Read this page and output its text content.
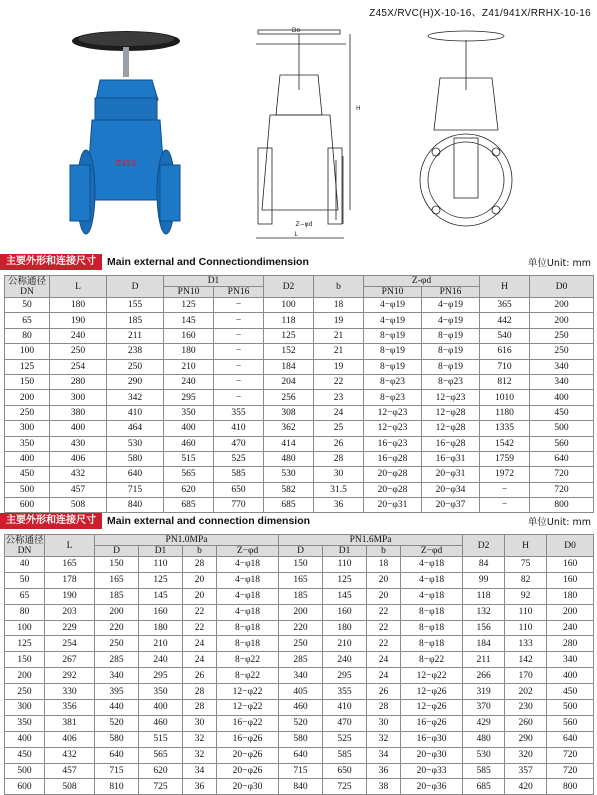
Z45X/RVC(H)X-10-16、Z41/941X/RRHX-10-16
Z45X
Do
L
Z−φd
H
主要外形和连接尺寸	Main external and Connectiondimension	单位Unit: mm
公称通径 DN	L	D	D1		D2	b	Z-φd		H	D0
			PN10	PN16			PN10	PN16		
50	180	155	125	−	100	18	4−φ19	4−φ19	365	200
65	190	185	145	−	118	19	4−φ19	4−φ19	442	200
80	240	211	160	−	125	21	8−φ19	8−φ19	540	250
100	250	238	180	−	152	21	8−φ19	8−φ19	616	250
125	254	250	210	−	184	19	8−φ19	8−φ19	710	340
150	280	290	240	−	204	22	8−φ23	8−φ23	812	340
200	300	342	295	−	256	23	8−φ23	12−φ23	1010	400
250	380	410	350	355	308	24	12−φ23	12−φ28	1180	450
300	400	464	400	410	362	25	12−φ23	12−φ28	1335	500
350	430	530	460	470	414	26	16−φ23	16−φ28	1542	560
400	406	580	515	525	480	28	16−φ28	16−φ31	1759	640
450	432	640	565	585	530	30	20−φ28	20−φ31	1972	720
500	457	715	620	650	582	31.5	20−φ28	20−φ34	−	720
600	508	840	685	770	685	36	20−φ31	20−φ37	−	800
主要外形和连接尺寸	Main external and connection dimension	单位Unit: mm
公称通径 DN	L	PN1.0MPa				PN1.6MPa				D2	H	D0
		D	D1	b	Z−φd	D	D1	b	Z−φd			
40	165	150	110	28	4−φ18	150	110	18	4−φ18	84	75	160
50	178	165	125	20	4−φ18	165	125	20	4−φ18	99	82	160
65	190	185	145	20	4−φ18	185	145	20	4−φ18	118	92	180
80	203	200	160	22	4−φ18	200	160	22	8−φ18	132	110	200
100	229	220	180	22	8−φ18	220	180	22	8−φ18	156	110	240
125	254	250	210	24	8−φ18	250	210	22	8−φ18	184	133	280
150	267	285	240	24	8−φ22	285	240	24	8−φ22	211	142	340
200	292	340	295	26	8−φ22	340	295	24	12−φ22	266	170	400
250	330	395	350	28	12−φ22	405	355	26	12−φ26	319	202	450
300	356	440	400	28	12−φ22	460	410	28	12−φ26	370	230	500
350	381	520	460	30	16−φ22	520	470	30	16−φ26	429	260	560
400	406	580	515	32	16−φ26	580	525	32	16−φ30	480	290	640
450	432	640	565	32	20−φ26	640	585	34	20−φ30	530	320	720
500	457	715	620	34	20−φ26	715	650	36	20−φ33	585	357	720
600	508	810	725	36	20−φ30	840	725	38	20−φ36	685	420	800
